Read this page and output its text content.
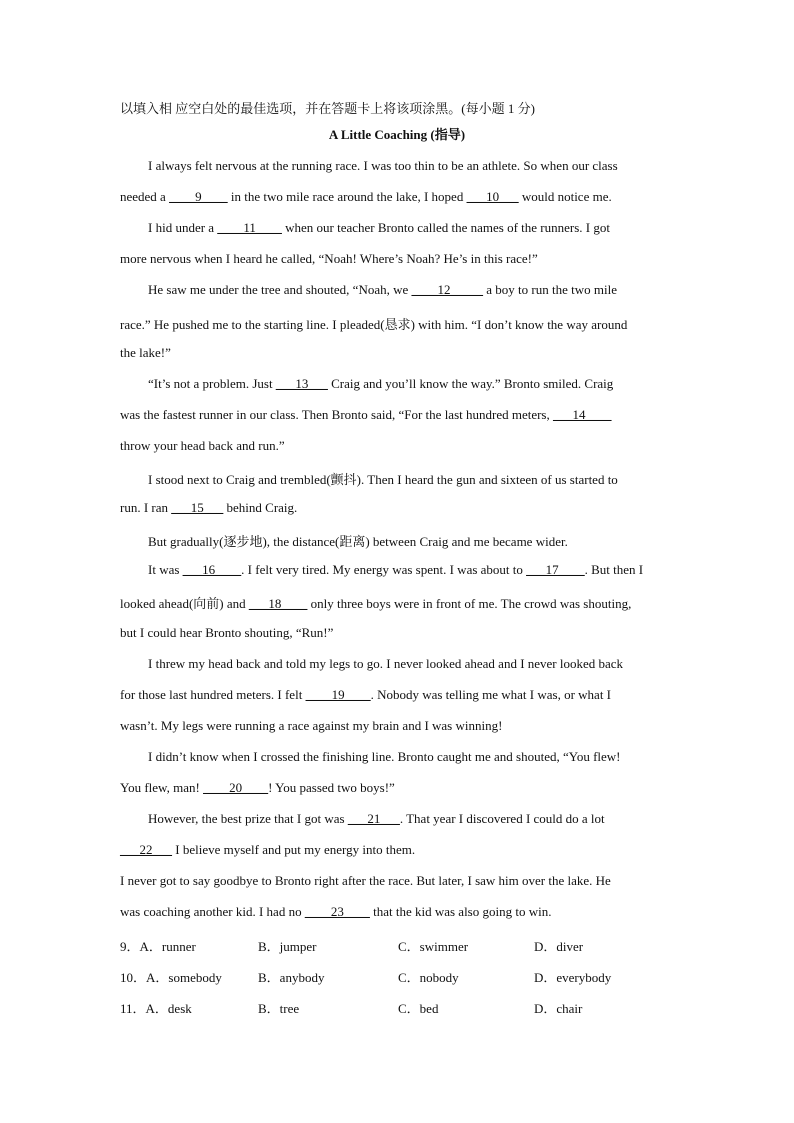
以填入相 应空白处的最佳选项，并在答题卡上将该项涂黑。(每小题 1 分)
A Little Coaching (指导)
I always felt nervous at the running race. I was too thin to be an athlete. So when our class
needed a ____9____ in the two mile race around the lake, I hoped ___10___ would notice me.
I hid under a ____11____ when our teacher Bronto called the names of the runners. I got
more nervous when I heard he called, “Noah! Where’s Noah? He’s in this race!”
He saw me under the tree and shouted, “Noah, we ____12_____ a boy to run the two mile
race.” He pushed me to the starting line. I pleaded(恳求) with him. “I don’t know the way around
the lake!”
“It’s not a problem. Just ___13___ Craig and you’ll know the way.” Bronto smiled. Craig
was the fastest runner in our class. Then Bronto said, “For the last hundred meters, ___14____
throw your head back and run.”
I stood next to Craig and trembled(颤抖). Then I heard the gun and sixteen of us started to
run. I ran ___15___ behind Craig.
But gradually(逐步地), the distance(距离) between Craig and me became wider.
It was ___16____. I felt very tired. My energy was spent. I was about to ___17____. But then I
looked ahead(向前) and ___18____ only three boys were in front of me. The crowd was shouting,
but I could hear Bronto shouting, “Run!”
I threw my head back and told my legs to go. I never looked ahead and I never looked back
for those last hundred meters. I felt ____19____. Nobody was telling me what I was, or what I
wasn’t. My legs were running a race against my brain and I was winning!
I didn’t know when I crossed the finishing line. Bronto caught me and shouted, “You flew!
You flew, man! ____20____! You passed two boys!”
However, the best prize that I got was ___21___. That year I discovered I could do a lot
___22___ I believe myself and put my energy into them.
I never got to say goodbye to Bronto right after the race. But later, I saw him over the lake. He
was coaching another kid. I had no ____23____ that the kid was also going to win.
9．A．runner	B．jumper	C．swimmer	D．diver
10．A．somebody	B．anybody	C．nobody	D．everybody
11．A．desk	B．tree	C．bed	D．chair
